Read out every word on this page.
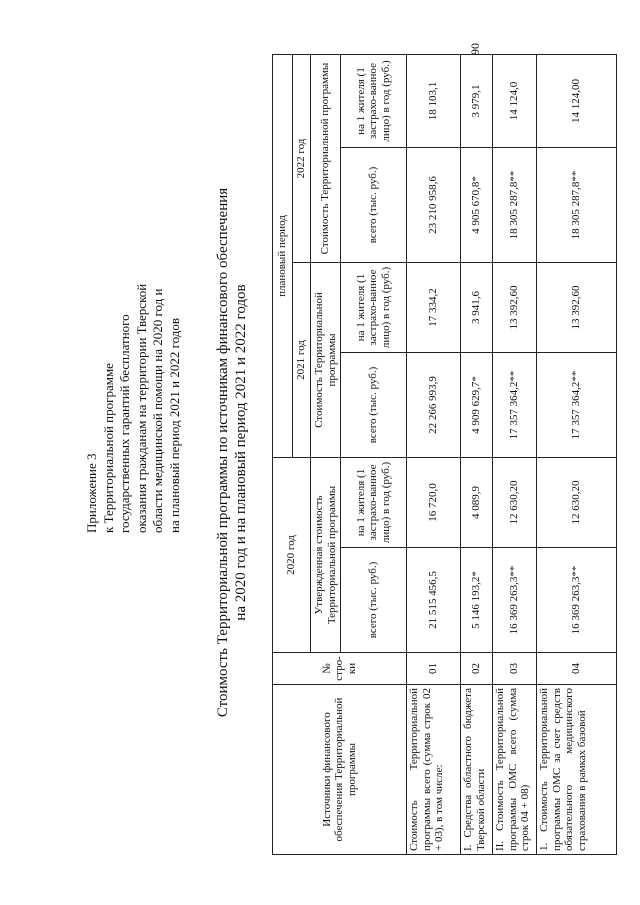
90
Приложение 3 к Территориальной программе государственных гарантий бесплатного оказания гражданам на территории Тверской области медицинской помощи на 2020 год и на плановый период 2021 и 2022 годов Стоимость Территориальной программы по источникам финансового обеспечения на 2020 год и на плановый период 2021 и 2022 годов
Источники финансового обеспечения Территориальной программы	№ стро-ки	2020 год		плановый период			
				2021 год		2022 год	
		Утвержденная стоимость Территориальной программы		Стоимость Территориальной программы		Стоимость Территориальной программы	
		всего (тыс. руб.)	на 1 жителя (1 застрахо-ванное лицо) в год (руб.)	всего (тыс. руб.)	на 1 жителя (1 застрахо-ванное лицо) в год (руб.)	всего (тыс. руб.)	на 1 жителя (1 застрахо-ванное лицо) в год (руб.)
Стоимость Территориальной программы всего (сумма строк 02 + 03), в том числе:	01	21 515 456,5	16 720,0	22 266 993,9	17 334,2	23 210 958,6	18 103,1
I. Средства областного бюджета Тверской области	02	5 146 193,2*	4 089,9	4 909 629,7*	3 941,6	4 905 670,8*	3 979,1
II. Стоимость Территориальной программы ОМС всего (сумма строк 04 + 08)	03	16 369 263,3**	12 630,20	17 357 364,2**	13 392,60	18 305 287,8**	14 124,0
1. Стоимость Территориальной программы ОМС за счет средств обязательного медицинского страхования в рамках базовой	04	16 369 263,3**	12 630,20	17 357 364,2**	13 392,60	18 305 287,8**	14 124,00
